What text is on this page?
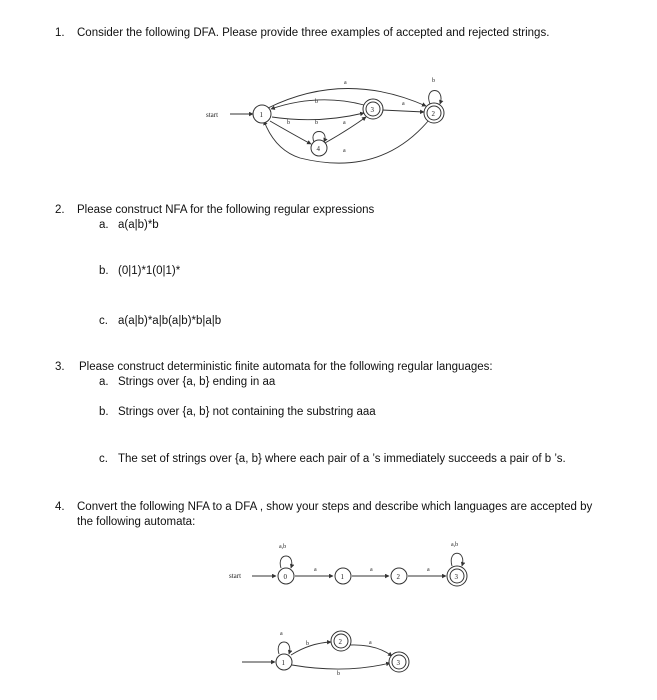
1. Consider the following DFA. Please provide three examples of accepted and rejected strings.
start
a
b
b
a
b	a
a
b
1
3	2
4
2. Please construct NFA for the following regular expressions
a. a(a|b)*b
b. (0|1)*1(0|1)*
c. a(a|b)*a|b(a|b)*b|a|b
3. Please construct deterministic finite automata for the following regular languages:
a. Strings over {a, b} ending in aa
b. Strings over {a, b} not containing the substring aaa
c. The set of strings over {a, b} where each pair of a ’s immediately succeeds a pair of b ’s.
4. Convert the following NFA to a DFA , show your steps and describe which languages are accepted by
the following automata:
start
a,b
a	a	a
a,b
0	1	2	3
a
b	a
b
1
2
3
